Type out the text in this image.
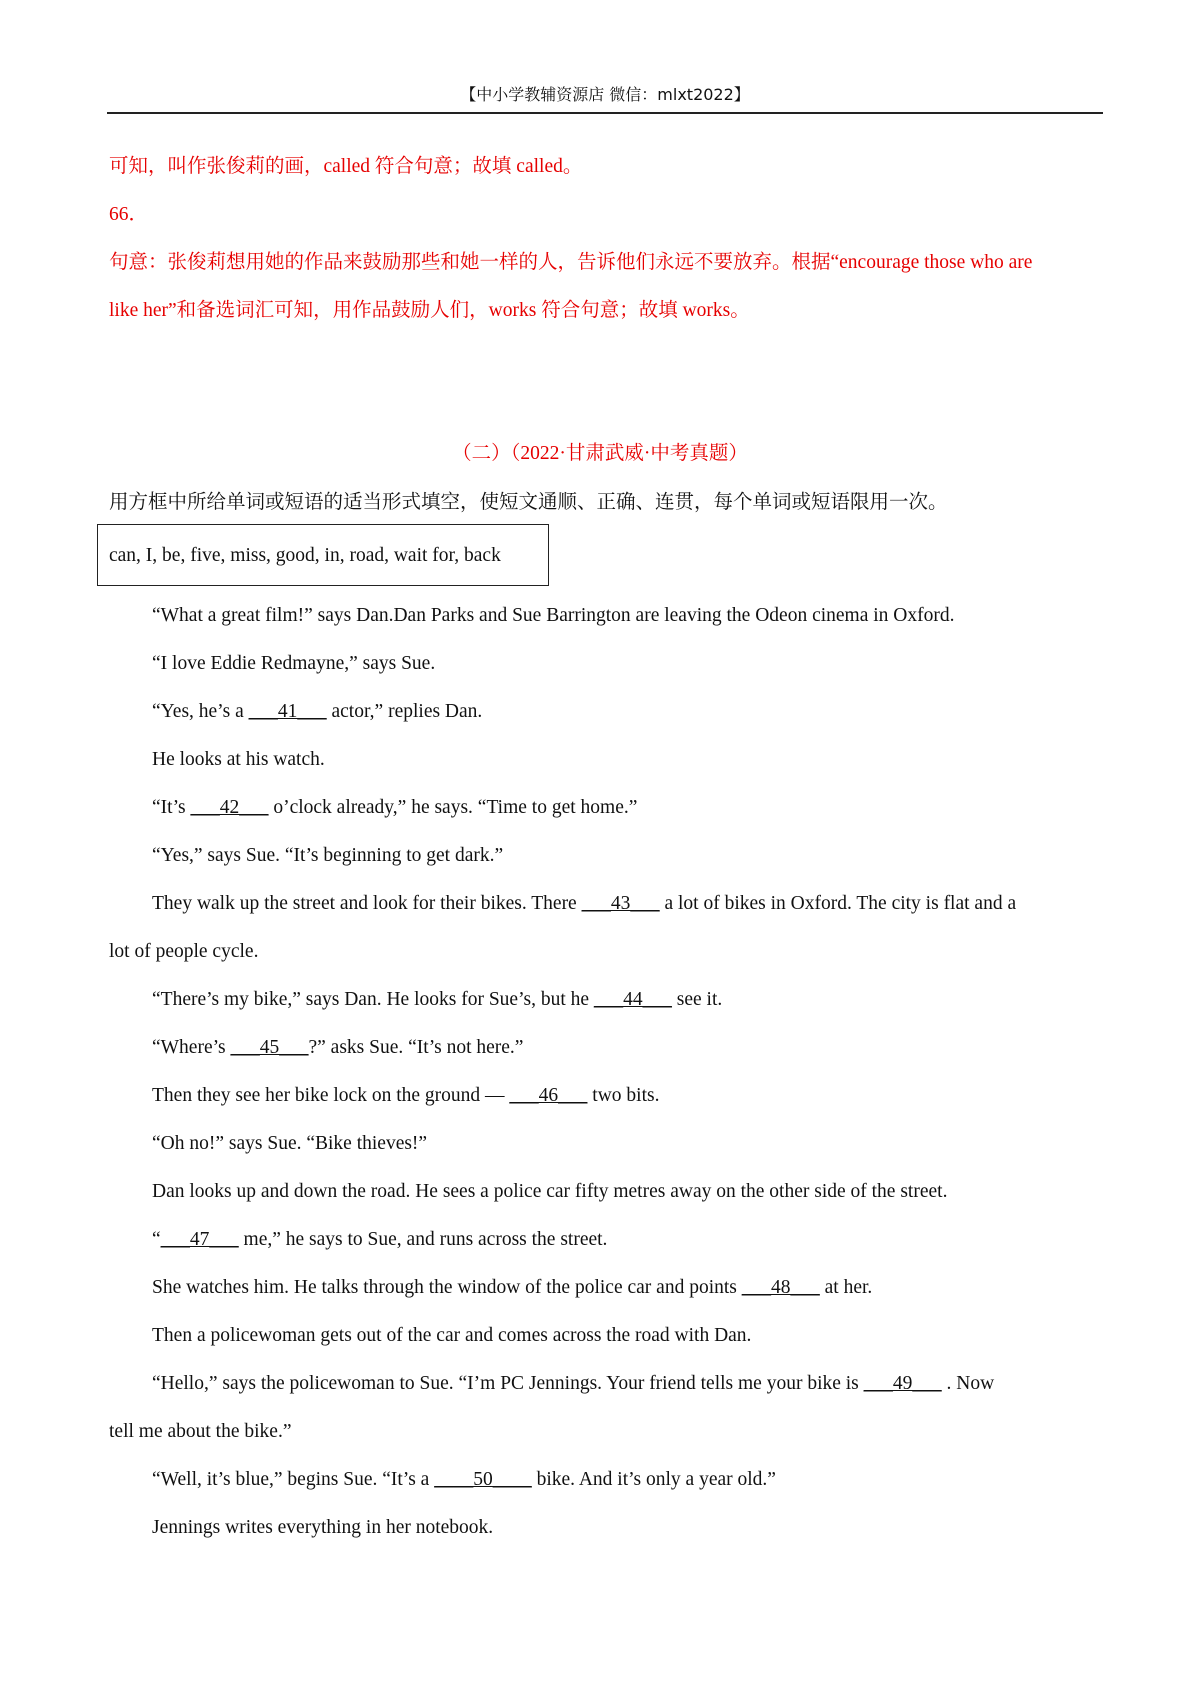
【中小学教辅资源店 微信：mlxt2022】
可知，叫作张俊莉的画，called 符合句意；故填 called。
66．
句意：张俊莉想用她的作品来鼓励那些和她一样的人，告诉他们永远不要放弃。根据“encourage those who are
like her”和备选词汇可知，用作品鼓励人们，works 符合句意；故填 works。
（二）（2022·甘肃武威·中考真题）
用方框中所给单词或短语的适当形式填空，使短文通顺、正确、连贯，每个单词或短语限用一次。
can, I, be, five, miss, good, in, road, wait for, back
“What a great film!” says Dan.Dan Parks and Sue Barrington are leaving the Odeon cinema in Oxford.
“I love Eddie Redmayne,” says Sue.
“Yes, he’s a ___41___ actor,” replies Dan.
He looks at his watch.
“It’s ___42___ o’clock already,” he says. “Time to get home.”
“Yes,” says Sue. “It’s beginning to get dark.”
They walk up the street and look for their bikes. There ___43___ a lot of bikes in Oxford. The city is flat and a
lot of people cycle.
“There’s my bike,” says Dan. He looks for Sue’s, but he ___44___ see it.
“Where’s ___45___?” asks Sue. “It’s not here.”
Then they see her bike lock on the ground — ___46___ two bits.
“Oh no!” says Sue. “Bike thieves!”
Dan looks up and down the road. He sees a police car fifty metres away on the other side of the street.
“___47___ me,” he says to Sue, and runs across the street.
She watches him. He talks through the window of the police car and points ___48___ at her.
Then a policewoman gets out of the car and comes across the road with Dan.
“Hello,” says the policewoman to Sue. “I’m PC Jennings. Your friend tells me your bike is ___49___ . Now
tell me about the bike.”
“Well, it’s blue,” begins Sue. “It’s a ____50____ bike. And it’s only a year old.”
Jennings writes everything in her notebook.
